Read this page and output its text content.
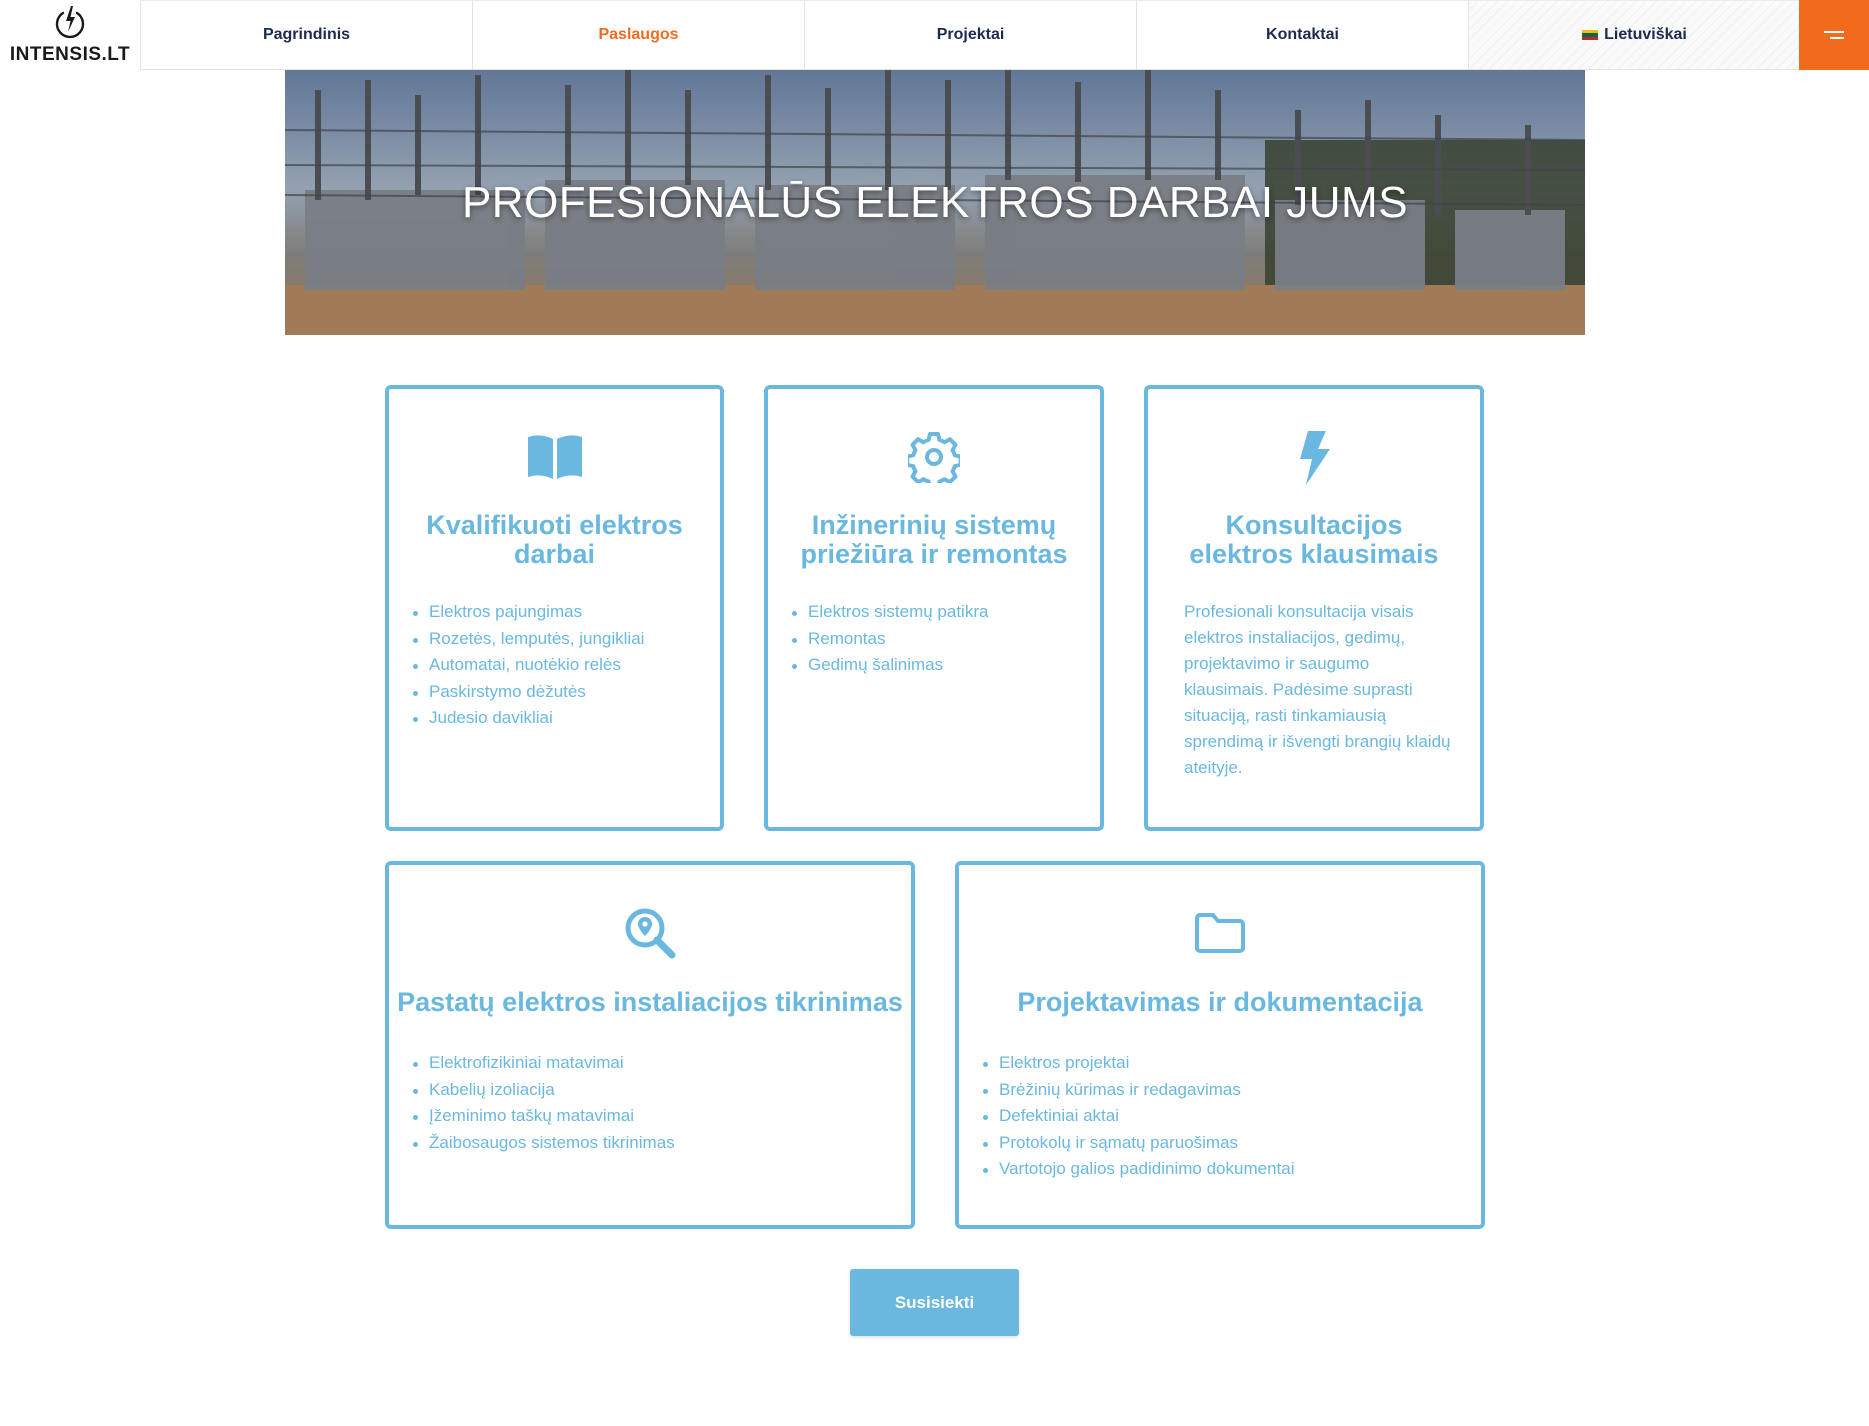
INTENSIS.LT
Pagrindinis	Paslaugos	Projektai	Kontaktai	Lietuviškai
PROFESIONALŪS ELEKTROS DARBAI JUMS
Kvalifikuoti elektros darbai
Elektros pajungimas
Rozetės, lemputės, jungikliai
Automatai, nuotėkio relės
Paskirstymo dėžutės
Judesio davikliai
Inžinerinių sistemų priežiūra ir remontas
Elektros sistemų patikra
Remontas
Gedimų šalinimas
Konsultacijos elektros klausimais

Profesionali konsultacija visais elektros instaliacijos, gedimų, projektavimo ir saugumo klausimais. Padėsime suprasti situaciją, rasti tinkamiausią sprendimą ir išvengti brangių klaidų ateityje.

Pastatų elektros instaliacijos tikrinimas
Elektrofizikiniai matavimai
Kabelių izoliacija
Įžeminimo taškų matavimai
Žaibosaugos sistemos tikrinimas
Projektavimas ir dokumentacija
Elektros projektai
Brėžinių kūrimas ir redagavimas
Defektiniai aktai
Protokolų ir sąmatų paruošimas
Vartotojo galios padidinimo dokumentai
Susisiekti
